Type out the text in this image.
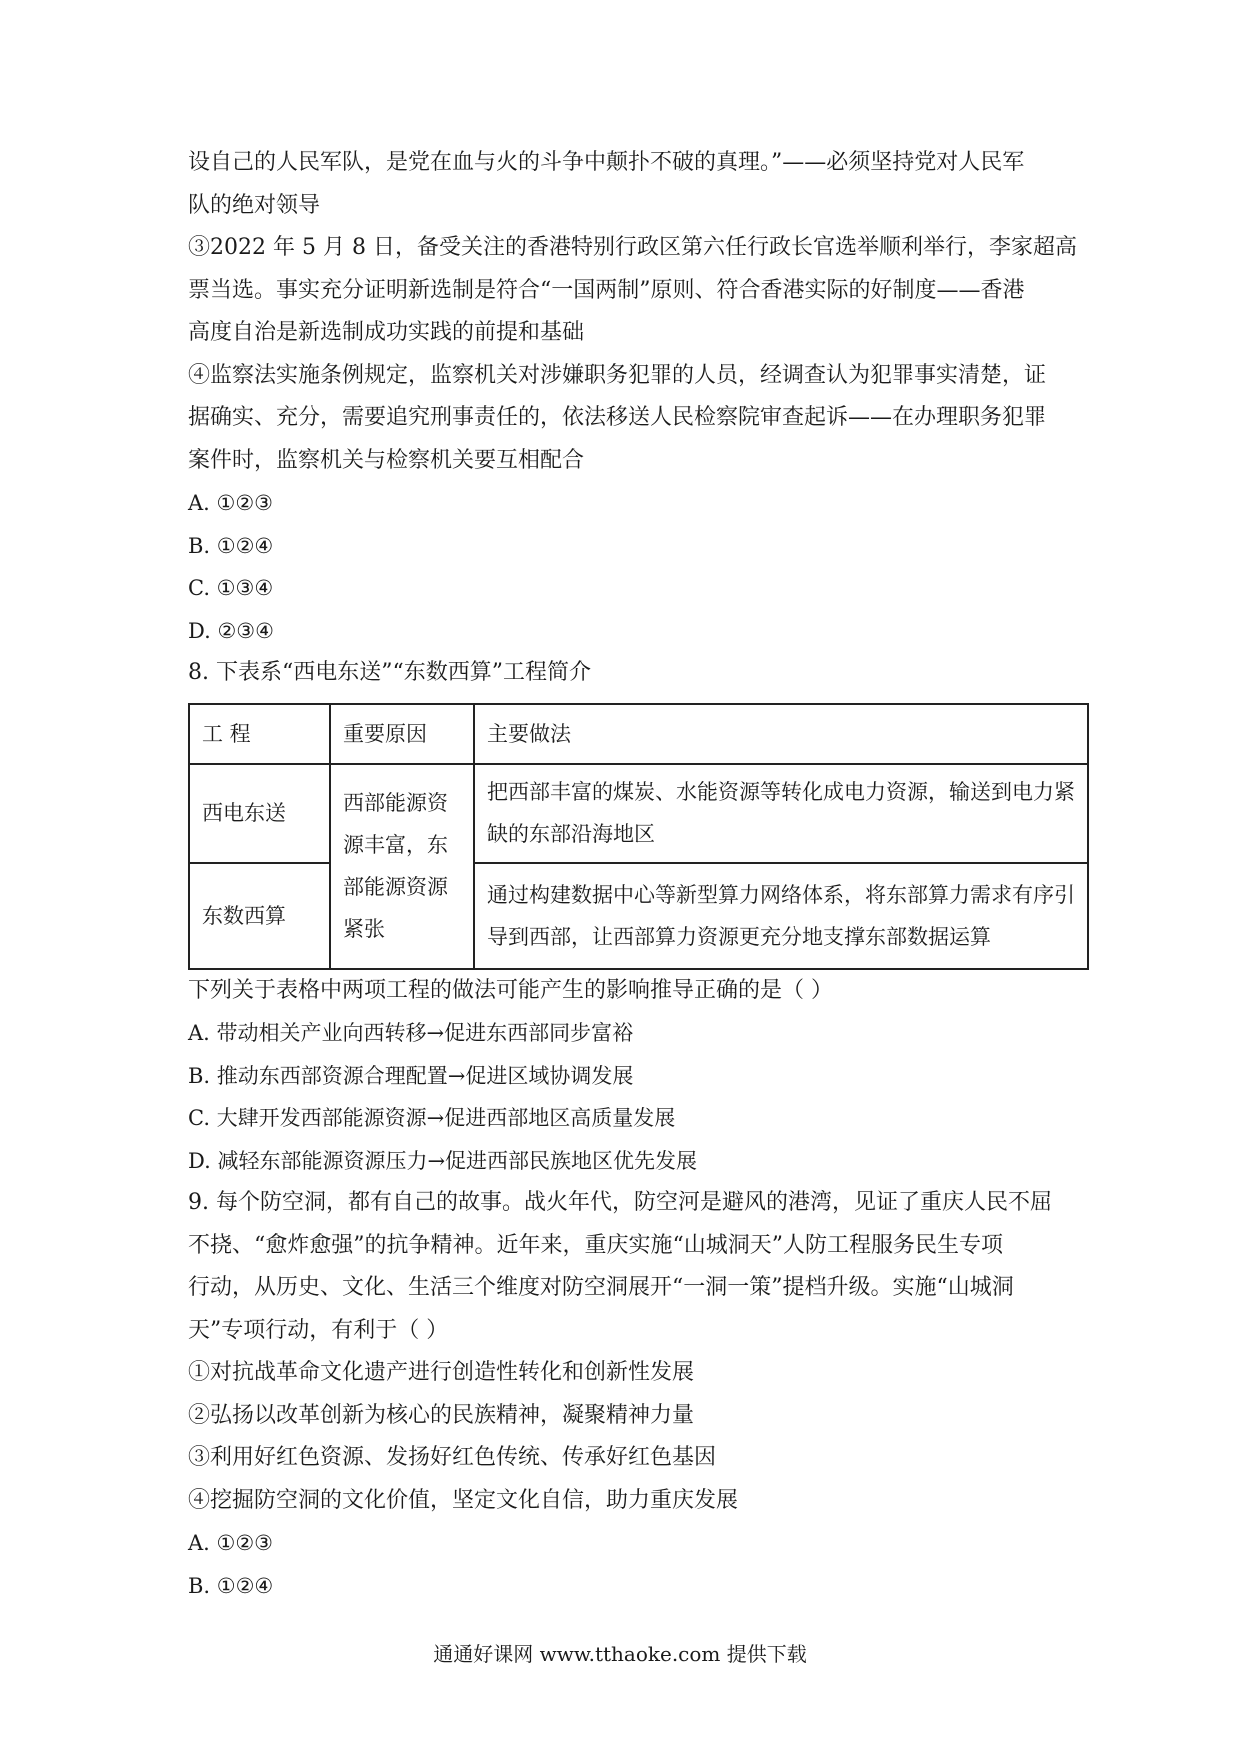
设自己的人民军队，是党在血与火的斗争中颠扑不破的真理。”——必须坚持党对人民军
队的绝对领导
③2022 年 5 月 8 日，备受关注的香港特别行政区第六任行政长官选举顺利举行，李家超高
票当选。事实充分证明新选制是符合“一国两制”原则、符合香港实际的好制度——香港
高度自治是新选制成功实践的前提和基础
④监察法实施条例规定，监察机关对涉嫌职务犯罪的人员，经调查认为犯罪事实清楚，证
据确实、充分，需要追究刑事责任的，依法移送人民检察院审查起诉——在办理职务犯罪
案件时，监察机关与检察机关要互相配合
A. ①②③
B. ①②④
C. ①③④
D. ②③④
8. 下表系“西电东送”“东数西算”工程简介
工 程	重要原因	主要做法
西电东送	西部能源资源丰富，东部能源资源紧张	把西部丰富的煤炭、水能资源等转化成电力资源，输送到电力紧缺的东部沿海地区

东数西算		通过构建数据中心等新型算力网络体系，将东部算力需求有序引导到西部，让西部算力资源更充分地支撑东部数据运算
下列关于表格中两项工程的做法可能产生的影响推导正确的是（ ）
A. 带动相关产业向西转移→促进东西部同步富裕
B. 推动东西部资源合理配置→促进区域协调发展
C. 大肆开发西部能源资源→促进西部地区高质量发展
D. 减轻东部能源资源压力→促进西部民族地区优先发展
9. 每个防空洞，都有自己的故事。战火年代，防空河是避风的港湾，见证了重庆人民不屈
不挠、“愈炸愈强”的抗争精神。近年来，重庆实施“山城洞天”人防工程服务民生专项
行动，从历史、文化、生活三个维度对防空洞展开“一洞一策”提档升级。实施“山城洞
天”专项行动，有利于（ ）
①对抗战革命文化遗产进行创造性转化和创新性发展
②弘扬以改革创新为核心的民族精神，凝聚精神力量
③利用好红色资源、发扬好红色传统、传承好红色基因
④挖掘防空洞的文化价值，坚定文化自信，助力重庆发展
A. ①②③
B. ①②④
通通好课网 www.tthaoke.com 提供下载
